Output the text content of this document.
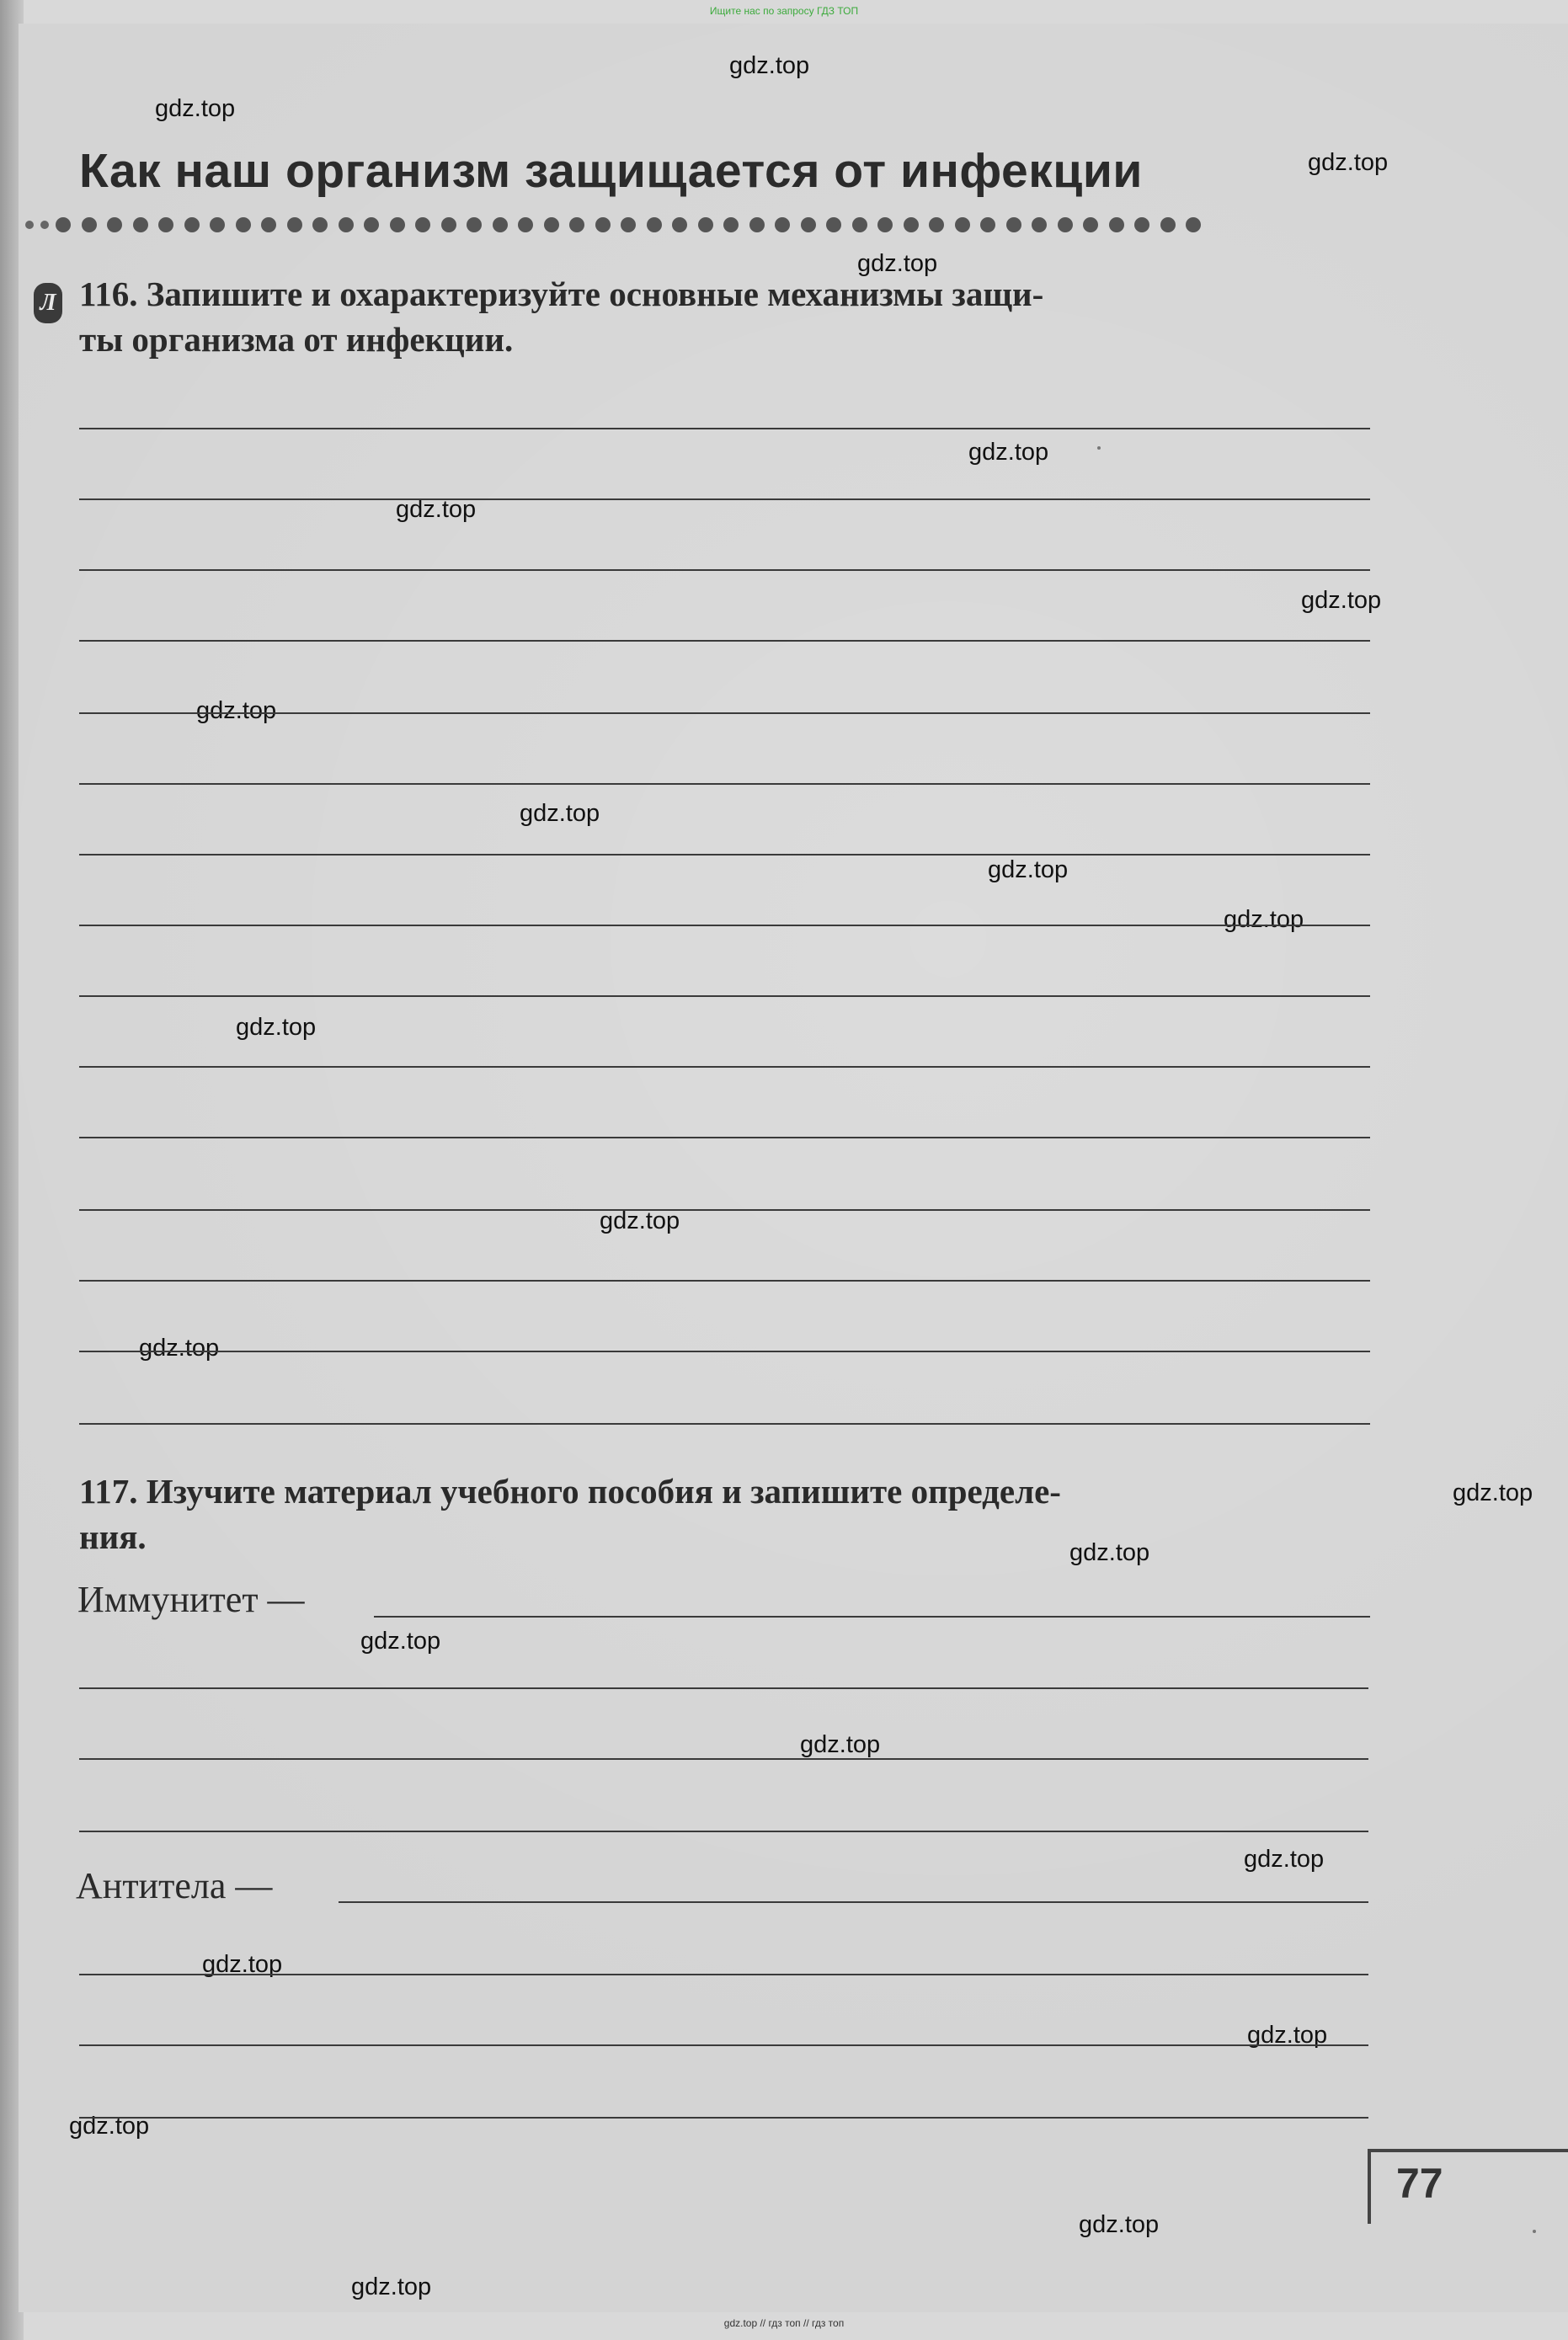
Ищите нас по запросу ГДЗ ТОП
gdz.top
gdz.top
gdz.top
gdz.top
gdz.top
gdz.top
gdz.top
gdz.top
gdz.top
gdz.top
gdz.top
gdz.top
gdz.top
gdz.top
gdz.top
gdz.top
gdz.top
gdz.top
gdz.top
gdz.top
gdz.top
gdz.top
gdz.top
gdz.top
Как наш организм защищается от инфекции
Л 116. Запишите и охарактеризуйте основные механизмы защи-
ты организма от инфекции.
117. Изучите материал учебного пособия и запишите определе-
ния.
Иммунитет —
Антитела —
77
gdz.top // гдз топ // гдз топ
